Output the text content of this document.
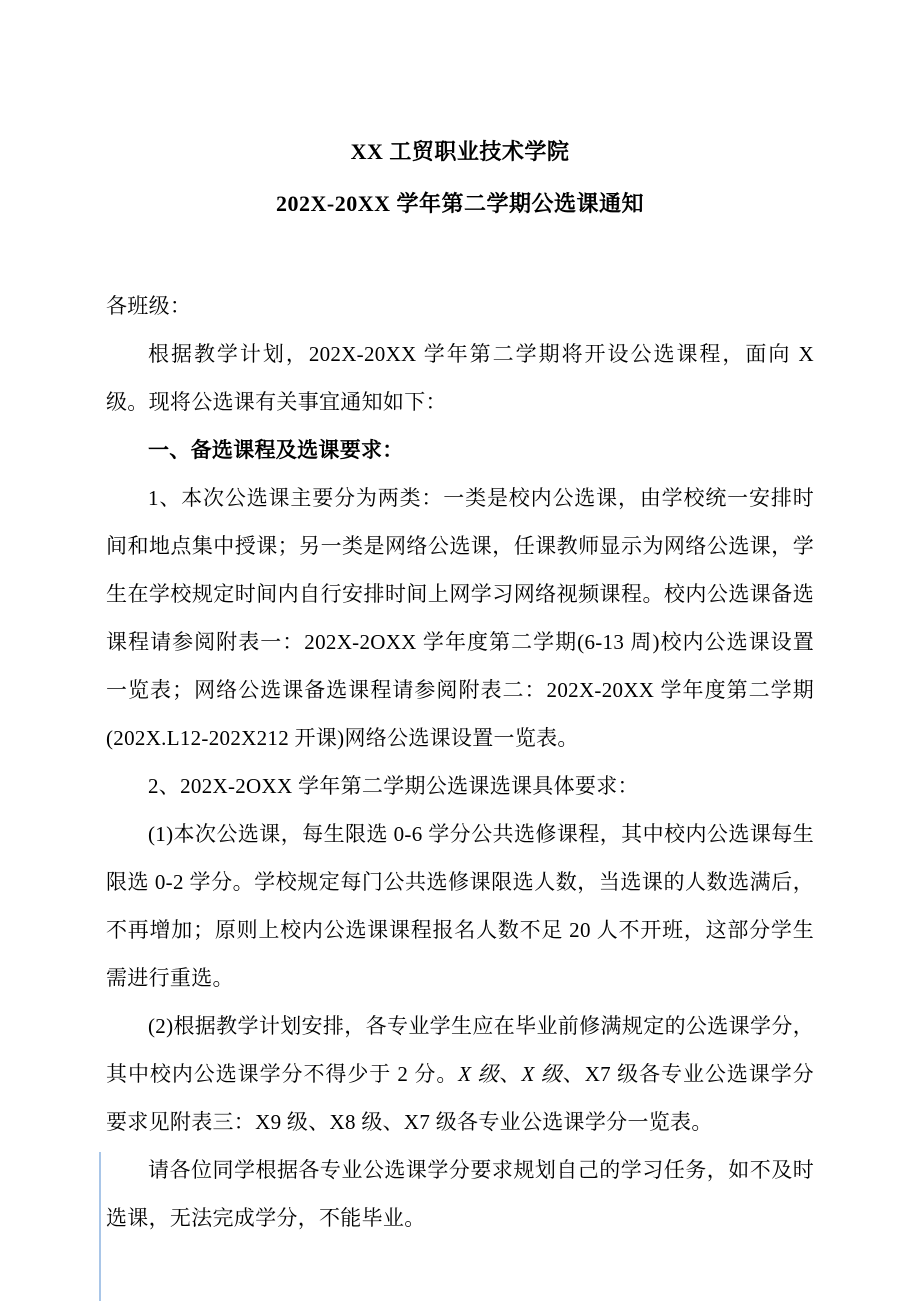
XX 工贸职业技术学院
202X-20XX 学年第二学期公选课通知

各班级：

根据教学计划，202X-20XX 学年第二学期将开设公选课程，面向 X 级。现将公选课有关事宜通知如下：

一、备选课程及选课要求：

1、本次公选课主要分为两类：一类是校内公选课，由学校统一安排时间和地点集中授课；另一类是网络公选课，任课教师显示为网络公选课，学生在学校规定时间内自行安排时间上网学习网络视频课程。校内公选课备选课程请参阅附表一：202X-2OXX 学年度第二学期(6-13 周)校内公选课设置一览表；网络公选课备选课程请参阅附表二：202X-20XX 学年度第二学期(202X.L12-202X212 开课)网络公选课设置一览表。

2、202X-2OXX 学年第二学期公选课选课具体要求：

(1)本次公选课，每生限选 0-6 学分公共选修课程，其中校内公选课每生限选 0-2 学分。学校规定每门公共选修课限选人数，当选课的人数选满后，不再增加；原则上校内公选课课程报名人数不足 20 人不开班，这部分学生需进行重选。

(2)根据教学计划安排，各专业学生应在毕业前修满规定的公选课学分，其中校内公选课学分不得少于 2 分。X 级、X 级、X7 级各专业公选课学分要求见附表三：X9 级、X8 级、X7 级各专业公选课学分一览表。

请各位同学根据各专业公选课学分要求规划自己的学习任务，如不及时选课，无法完成学分，不能毕业。
